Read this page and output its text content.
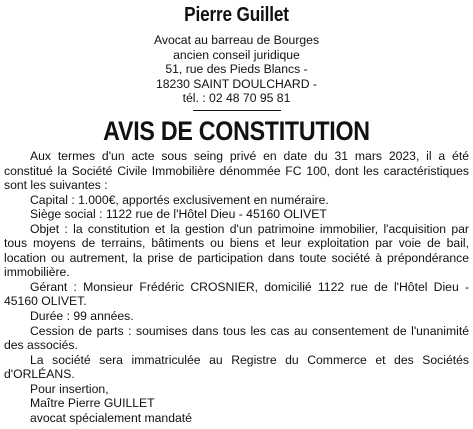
Pierre Guillet
Avocat au barreau de Bourges
ancien conseil juridique
51, rue des Pieds Blancs -
18230 SAINT DOULCHARD -
tél. : 02 48 70 95 81
AVIS DE CONSTITUTION

Aux termes d'un acte sous seing privé en date du 31 mars 2023, il a été constitué la Société Civile Immobilière dénommée FC 100, dont les caractéristiques sont les suivantes :

Capital : 1.000€, apportés exclusivement en numéraire.

Siège social : 1122 rue de l'Hôtel Dieu - 45160 OLIVET

Objet : la constitution et la gestion d'un patrimoine immobilier, l'acquisition par tous moyens de terrains, bâtiments ou biens et leur exploitation par voie de bail, location ou autrement, la prise de participation dans toute société à prépondérance immobilière.

Gérant : Monsieur Frédéric CROSNIER, domicilié 1122 rue de l'Hôtel Dieu - 45160 OLIVET.

Durée : 99 années.

Cession de parts : soumises dans tous les cas au consentement de l'unanimité des associés.

La société sera immatriculée au Registre du Commerce et des Sociétés d'ORLÉANS.

Pour insertion,

Maître Pierre GUILLET

avocat spécialement mandaté
